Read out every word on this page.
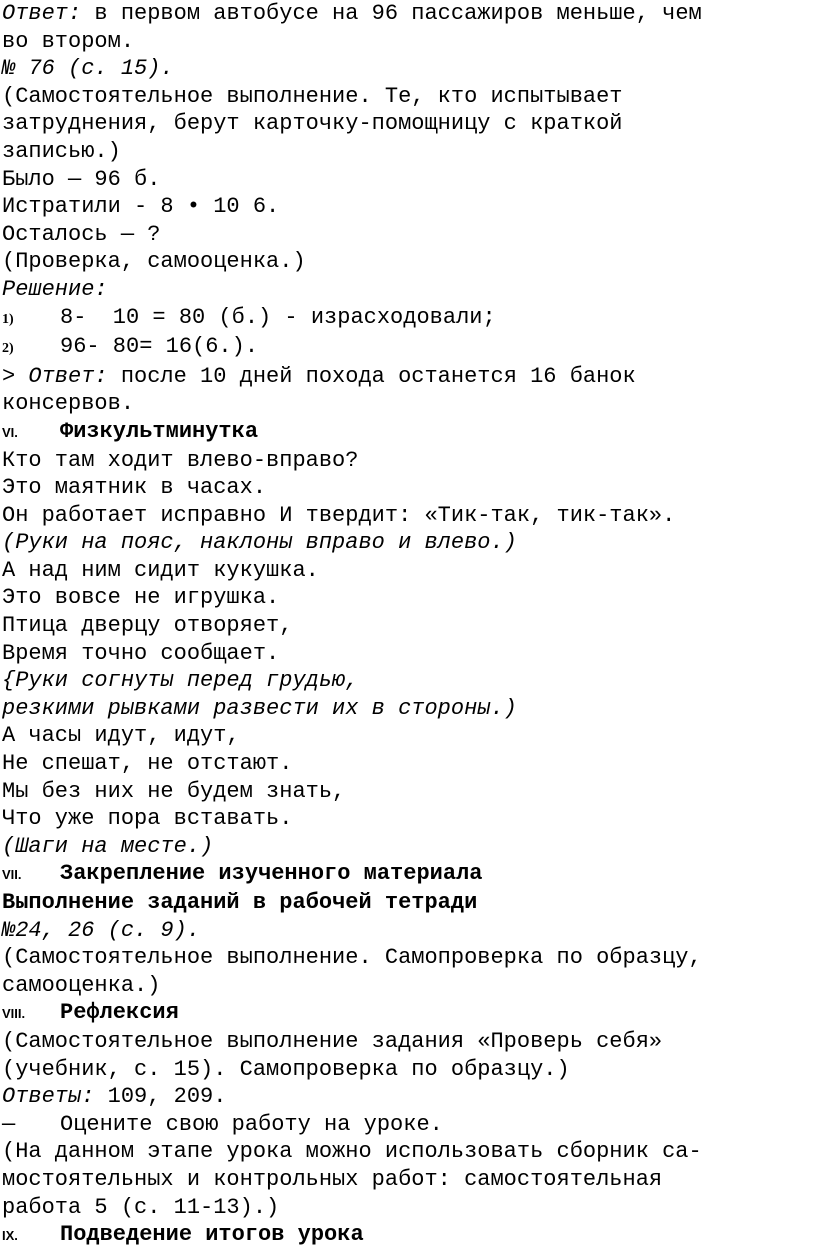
Ответ: в первом автобусе на 96 пассажиров меньше, чем

во втором.

№ 76 (с. 15).

(Самостоятельное выполнение. Те, кто испытывает

затруднения, берут карточку-помощницу с краткой

записью.)

Было — 96 б.

Истратили - 8 • 10 6.

Осталось — ?

(Проверка, самооценка.)

Решение:

1) 8-  10 = 80 (б.) - израсходовали;

2) 96- 80= 16(6.).

> Ответ: после 10 дней похода останется 16 банок

консервов.

VI. Физкультминутка

Кто там ходит влево-вправо?

Это маятник в часах.

Он работает исправно И твердит: «Тик-так, тик-так».

(Руки на пояс, наклоны вправо и влево.)

А над ним сидит кукушка.

Это вовсе не игрушка.

Птица дверцу отворяет,

Время точно сообщает.

{Руки согнуты перед грудью,

резкими рывками развести их в стороны.)

А часы идут, идут,

Не спешат, не отстают.

Мы без них не будем знать,

Что уже пора вставать.

(Шаги на месте.)

VII. Закрепление изученного материала

Выполнение заданий в рабочей тетради

№24, 26 (с. 9).

(Самостоятельное выполнение. Самопроверка по образцу,

самооценка.)

VIII. Рефлексия

(Самостоятельное выполнение задания «Проверь себя»

(учебник, с. 15). Самопроверка по образцу.)

Ответы: 109, 209.

— Оцените свою работу на уроке.

(На данном этапе урока можно использовать сборник са-

мостоятельных и контрольных работ: самостоятельная

работа 5 (с. 11-13).)

IX. Подведение итогов урока
